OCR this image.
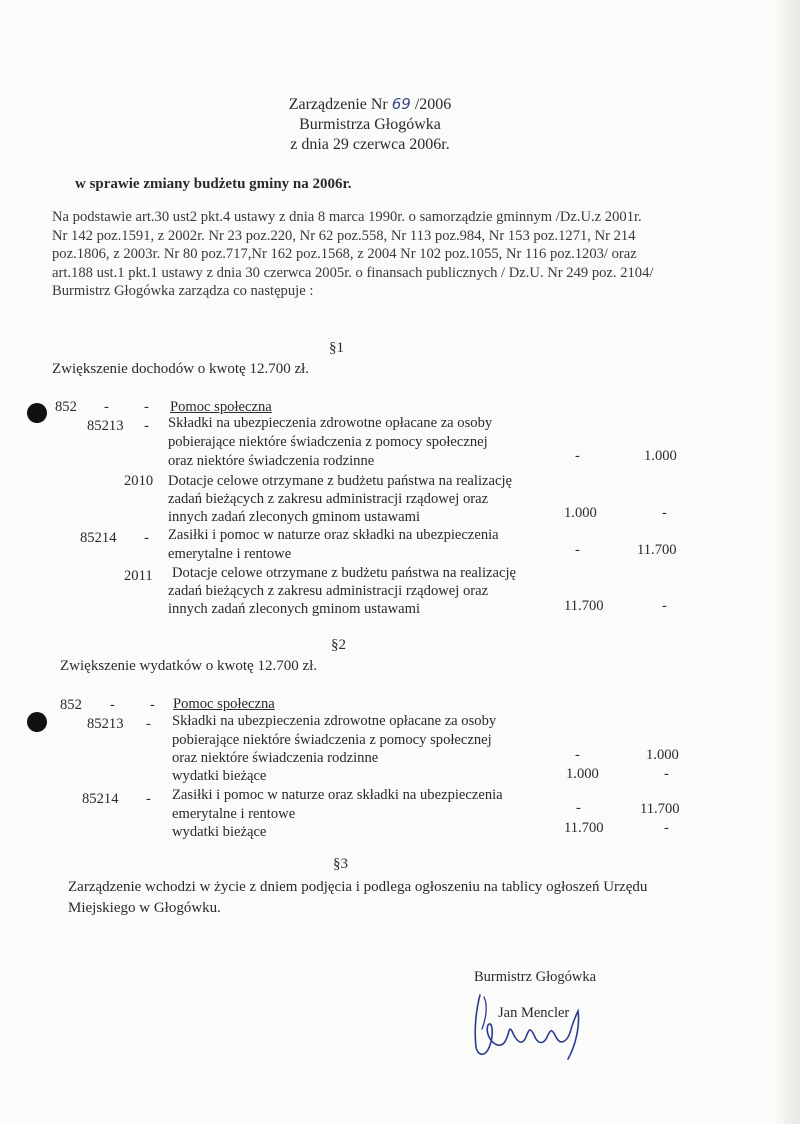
Zarządzenie Nr 69 /2006
Burmistrza Głogówka
z dnia 29 czerwca 2006r.
w sprawie zmiany budżetu gminy na 2006r.
Na podstawie art.30 ust2 pkt.4 ustawy z dnia 8 marca 1990r. o samorządzie gminnym /Dz.U.z 2001r.
Nr 142 poz.1591, z 2002r. Nr 23 poz.220, Nr 62 poz.558, Nr 113 poz.984, Nr 153 poz.1271, Nr 214
poz.1806, z 2003r. Nr 80 poz.717,Nr 162 poz.1568, z 2004 Nr 102 poz.1055, Nr 116 poz.1203/ oraz
art.188 ust.1 pkt.1 ustawy z dnia 30 czerwca 2005r. o finansach publicznych / Dz.U. Nr 249 poz. 2104/
Burmistrz Głogówka zarządza co następuje :
§1
Zwiększenie dochodów o kwotę 12.700 zł.
852 - - Pomoc społeczna
85213 - Składki na ubezpieczenia zdrowotne opłacane za osoby
pobierające niektóre świadczenia z pomocy społecznej
oraz niektóre świadczenia rodzinne	-	1.000
2010 Dotacje celowe otrzymane z budżetu państwa na realizację
zadań bieżących z zakresu administracji rządowej oraz
innych zadań zleconych gminom ustawami	1.000	-
85214 - Zasiłki i pomoc w naturze oraz składki na ubezpieczenia
emerytalne i rentowe	-	11.700
2011 Dotacje celowe otrzymane z budżetu państwa na realizację
zadań bieżących z zakresu administracji rządowej oraz
innych zadań zleconych gminom ustawami	11.700	-
§2
Zwiększenie wydatków o kwotę 12.700 zł.
852 - - Pomoc społeczna
85213 - Składki na ubezpieczenia zdrowotne opłacane za osoby
pobierające niektóre świadczenia z pomocy społecznej
oraz niektóre świadczenia rodzinne	-	1.000
wydatki bieżące	1.000	-
85214 - Zasiłki i pomoc w naturze oraz składki na ubezpieczenia
emerytalne i rentowe	-	11.700
wydatki bieżące	11.700	-
§3
Zarządzenie wchodzi w życie z dniem podjęcia i podlega ogłoszeniu na tablicy ogłoszeń Urzędu
Miejskiego w Głogówku.
Burmistrz Głogówka
Jan Mencler
